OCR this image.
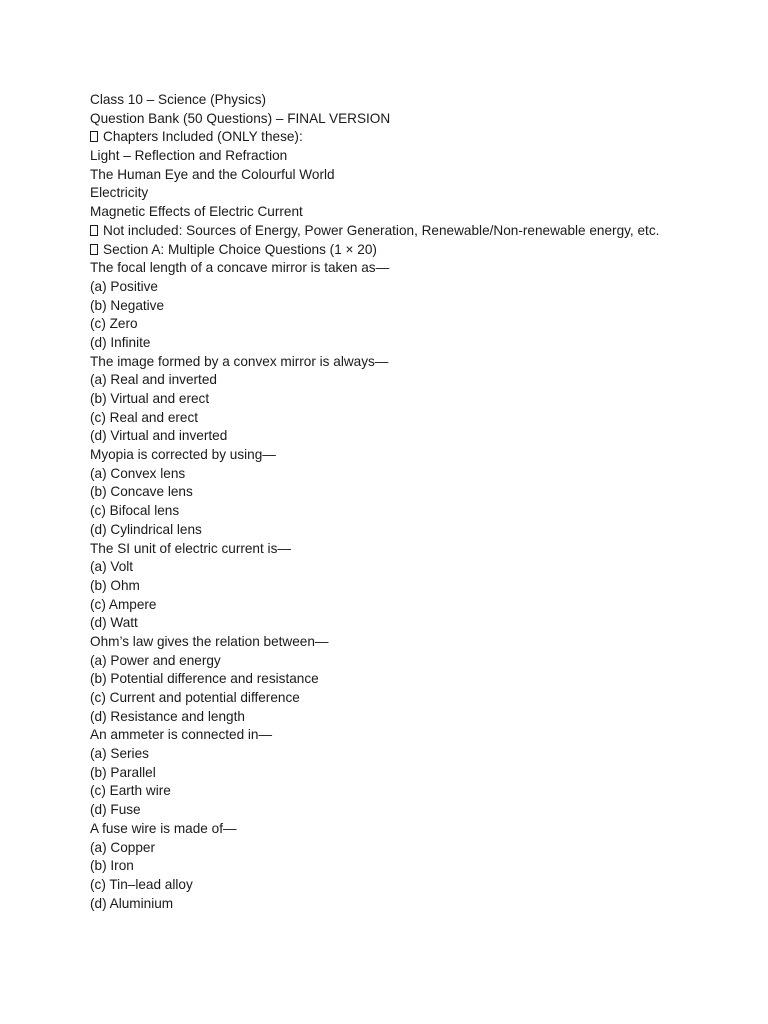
Class 10 – Science (Physics)
Question Bank (50 Questions) – FINAL VERSION
Chapters Included (ONLY these):
Light – Reflection and Refraction
The Human Eye and the Colourful World
Electricity
Magnetic Effects of Electric Current
Not included: Sources of Energy, Power Generation, Renewable/Non-renewable energy, etc.
Section A: Multiple Choice Questions (1 × 20)
The focal length of a concave mirror is taken as—
(a) Positive
(b) Negative
(c) Zero
(d) Infinite
The image formed by a convex mirror is always—
(a) Real and inverted
(b) Virtual and erect
(c) Real and erect
(d) Virtual and inverted
Myopia is corrected by using—
(a) Convex lens
(b) Concave lens
(c) Bifocal lens
(d) Cylindrical lens
The SI unit of electric current is—
(a) Volt
(b) Ohm
(c) Ampere
(d) Watt
Ohm’s law gives the relation between—
(a) Power and energy
(b) Potential difference and resistance
(c) Current and potential difference
(d) Resistance and length
An ammeter is connected in—
(a) Series
(b) Parallel
(c) Earth wire
(d) Fuse
A fuse wire is made of—
(a) Copper
(b) Iron
(c) Tin–lead alloy
(d) Aluminium
